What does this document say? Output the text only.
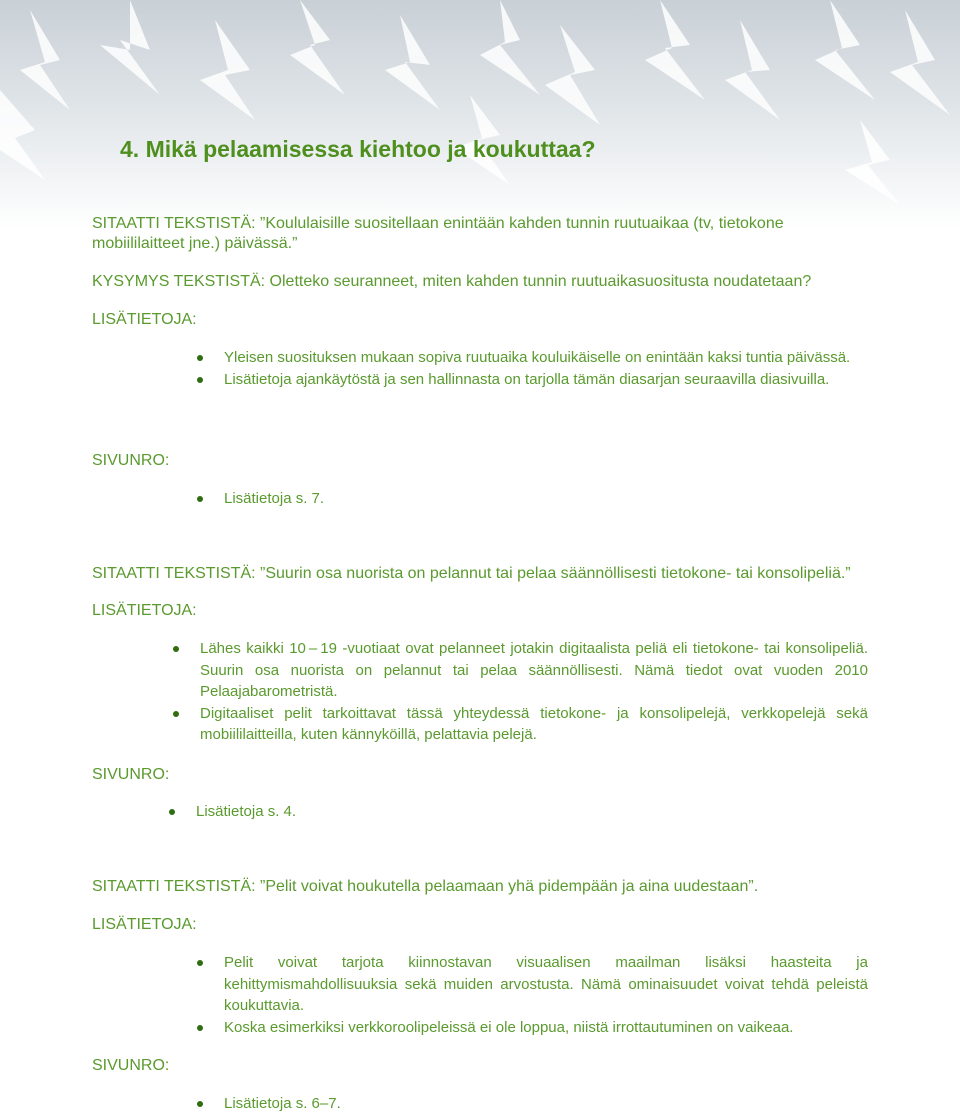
4. Mikä pelaamisessa kiehtoo ja koukuttaa?

SITAATTI TEKSTISTÄ: ”Koululaisille suositellaan enintään kahden tunnin ruutuaikaa (tv, tietokone

mobiililaitteet jne.) päivässä.”

KYSYMYS TEKSTISTÄ: Oletteko seuranneet, miten kahden tunnin ruutuaikasuositusta noudatetaan?

LISÄTIETOJA:

Yleisen suosituksen mukaan sopiva ruutuaika kouluikäiselle on enintään kaksi tuntia päivässä.
Lisätietoja ajankäytöstä ja sen hallinnasta on tarjolla tämän diasarjan seuraavilla diasivuilla.

SIVUNRO:

Lisätietoja s. 7.

SITAATTI TEKSTISTÄ: ”Suurin osa nuorista on pelannut tai pelaa säännöllisesti tietokone- tai konsolipeliä.”

LISÄTIETOJA:

Lähes kaikki 10 – 19 -vuotiaat ovat pelanneet jotakin digitaalista peliä eli tietokone- tai konsolipeliä. Suurin osa nuorista on pelannut tai pelaa säännöllisesti. Nämä tiedot ovat vuoden 2010 Pelaajabarometristä.
Digitaaliset pelit tarkoittavat tässä yhteydessä tietokone- ja konsolipelejä, verkkopelejä sekä mobiililaitteilla, kuten kännyköillä, pelattavia pelejä.

SIVUNRO:

Lisätietoja s. 4.

SITAATTI TEKSTISTÄ: ”Pelit voivat houkutella pelaamaan yhä pidempään ja aina uudestaan”.

LISÄTIETOJA:

Pelit voivat tarjota kiinnostavan visuaalisen maailman lisäksi haasteita ja kehittymismahdollisuuksia sekä muiden arvostusta. Nämä ominaisuudet voivat tehdä peleistä koukuttavia.
Koska esimerkiksi verkkoroolipeleissä ei ole loppua, niistä irrottautuminen on vaikeaa.

SIVUNRO:

Lisätietoja s. 6–7.
